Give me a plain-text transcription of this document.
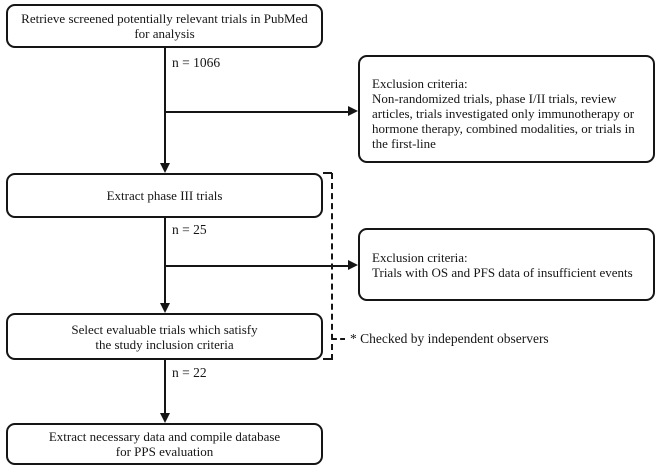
Retrieve screened potentially relevant trials in PubMed
for analysis
Extract phase III trials
Select evaluable trials which satisfy
the study inclusion criteria
Extract necessary data and compile database
for PPS evaluation
Exclusion criteria:
Non-randomized trials, phase I/II trials, review
articles, trials investigated only immunotherapy or
hormone therapy, combined modalities, or trials in
the first-line
Exclusion criteria:
Trials with OS and PFS data of insufficient events
n = 1066
n = 25
n = 22
* Checked by independent observers
